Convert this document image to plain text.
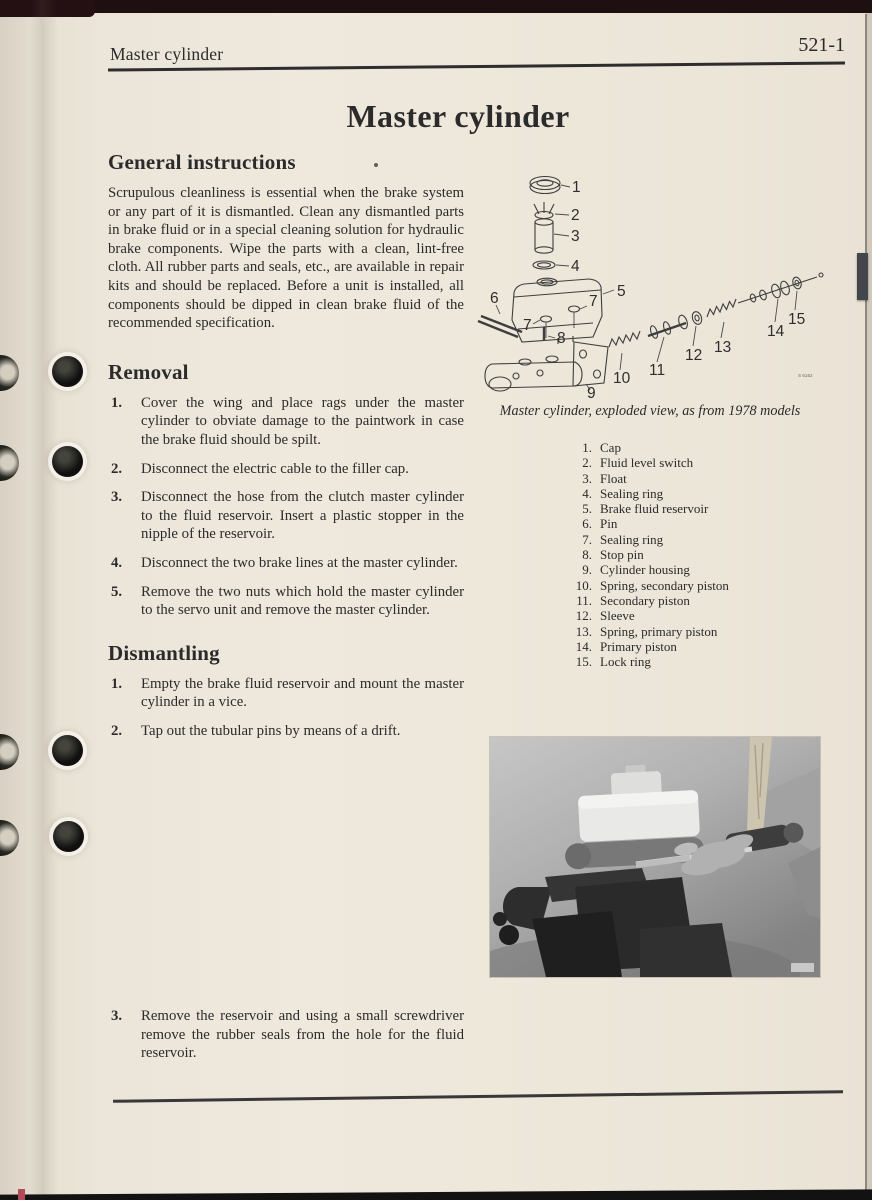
Master cylinder	521-1
Master cylinder
General instructions

Scrupulous cleanliness is essential when the brake system or any part of it is dismantled. Clean any dismantled parts in brake fluid or in a special cleaning solution for hydraulic brake components. Wipe the parts with a clean, lint-free cloth. All rubber parts and seals, etc., are available in repair kits and should be replaced. Before a unit is installed, all components should be dipped in clean brake fluid of the recommended specification.

Removal
1.	Cover the wing and place rags under the master cylinder to obviate damage to the paintwork in case the brake fluid should be spilt.
2.	Disconnect the electric cable to the filler cap.
3.	Disconnect the hose from the clutch master cylinder to the fluid reservoir. Insert a plastic stopper in the nipple of the reservoir.
4.	Disconnect the two brake lines at the master cylinder.
5.	Remove the two nuts which hold the master cylinder to the servo unit and remove the master cylinder.
Dismantling
1.	Empty the brake fluid reservoir and mount the master cylinder in a vice.
2.	Tap out the tubular pins by means of a drift.
3.	Remove the reservoir and using a small screwdriver remove the rubber seals from the hole for the fluid reservoir.
1
2
3
4
5
6
7
7
8
9
10 11
12 13
14
15
S 6162
Master cylinder, exploded view, as from 1978 models
1. Cap
2. Fluid level switch
3. Float
4. Sealing ring
5. Brake fluid reservoir
6. Pin
7. Sealing ring
8. Stop pin
9. Cylinder housing
10. Spring, secondary piston
11. Secondary piston
12. Sleeve
13. Spring, primary piston
14. Primary piston
15. Lock ring
